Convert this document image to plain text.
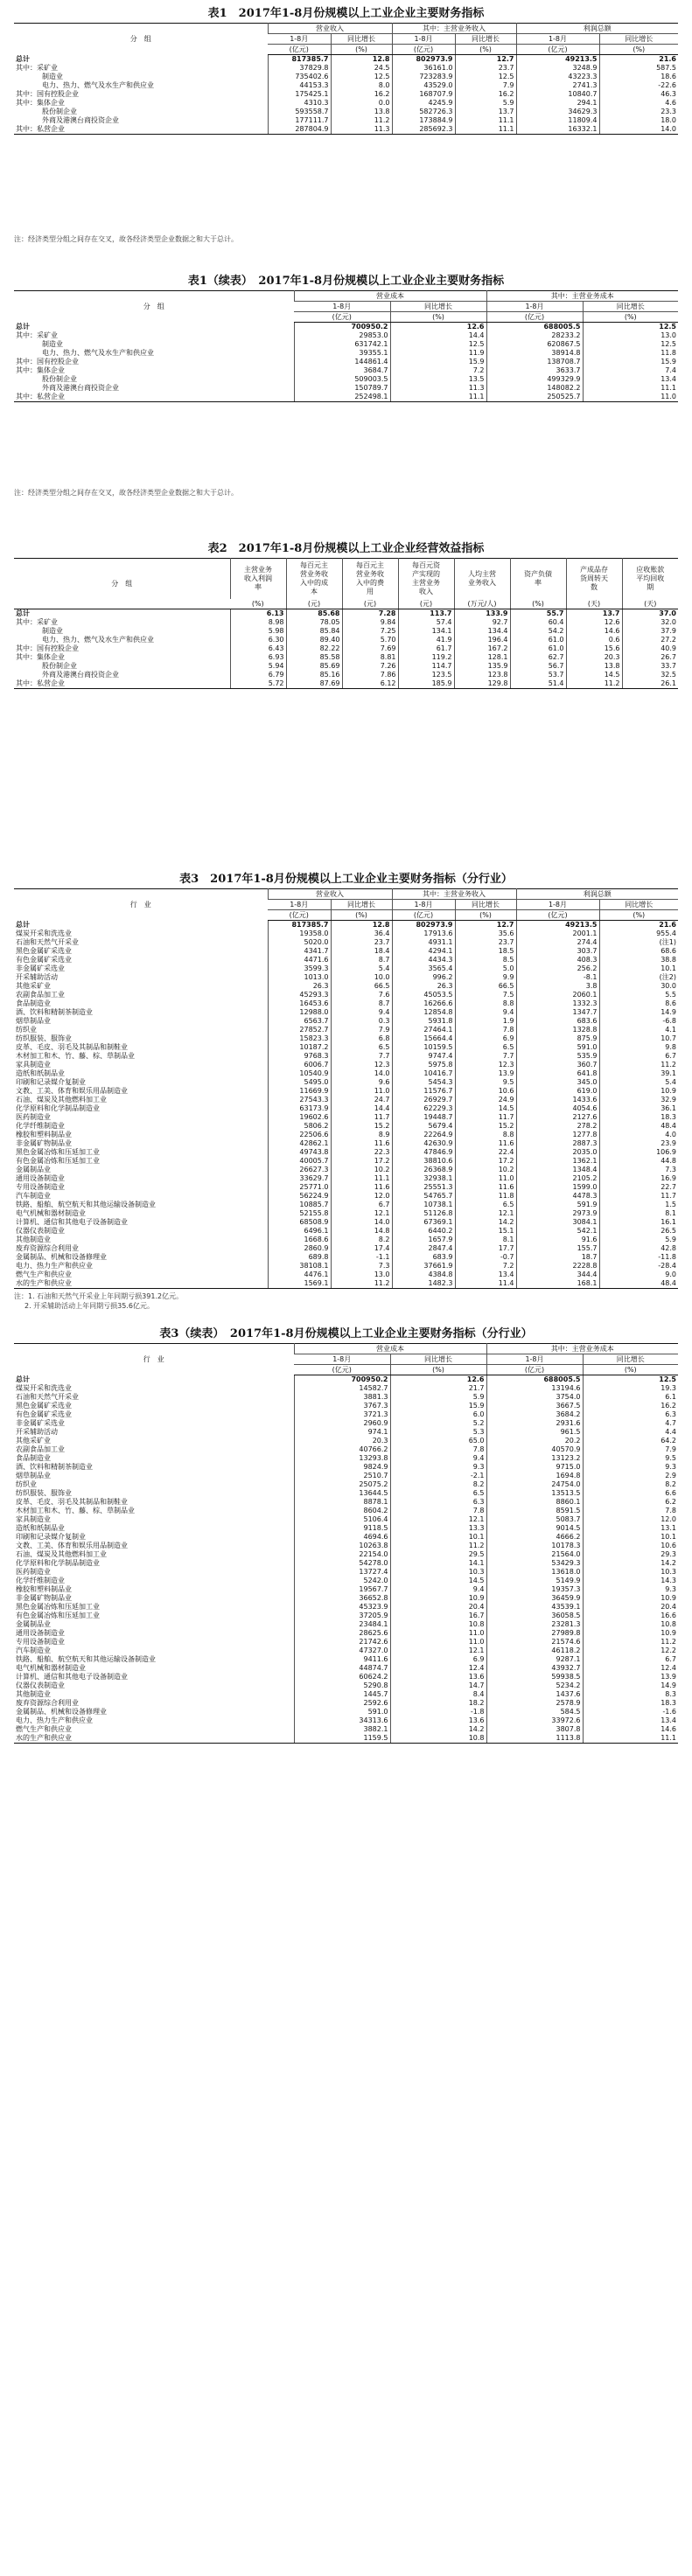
表1　2017年1-8月份规模以上工业企业主要财务指标
分　组	营业收入		其中：主营业务收入		利润总额	
	1-8月	同比增长	1-8月	同比增长	1-8月	同比增长
	(亿元)	(%)	(亿元)	(%)	(亿元)	(%)
总计	817385.7	12.8	802973.9	12.7	49213.5	21.6
其中：采矿业	37829.8	24.5	36161.0	23.7	3248.9	587.5
制造业	735402.6	12.5	723283.9	12.5	43223.3	18.6
电力、热力、燃气及水生产和供应业	44153.3	8.0	43529.0	7.9	2741.3	-22.6
其中：国有控股企业	175425.1	16.2	168707.9	16.2	10840.7	46.3
其中：集体企业	4310.3	0.0	4245.9	5.9	294.1	4.6
股份制企业	593558.7	13.8	582726.3	13.7	34629.3	23.3
外商及港澳台商投资企业	177111.7	11.2	173884.9	11.1	11809.4	18.0
其中：私营企业	287804.9	11.3	285692.3	11.1	16332.1	14.0
注：经济类型分组之间存在交叉，故各经济类型企业数据之和大于总计。
表1（续表）　2017年1-8月份规模以上工业企业主要财务指标
分　组	营业成本		其中：主营业务成本	
	1-8月	同比增长	1-8月	同比增长
	(亿元)	(%)	(亿元)	(%)
总计	700950.2	12.6	688005.5	12.5
其中：采矿业	29853.0	14.4	28233.2	13.0
制造业	631742.1	12.5	620867.5	12.5
电力、热力、燃气及水生产和供应业	39355.1	11.9	38914.8	11.8
其中：国有控股企业	144861.4	15.9	138708.7	15.9
其中：集体企业	3684.7	7.2	3633.7	7.4
股份制企业	509003.5	13.5	499329.9	13.4
外商及港澳台商投资企业	150789.7	11.3	148082.2	11.1
其中：私营企业	252498.1	11.1	250525.7	11.0
注：经济类型分组之间存在交叉，故各经济类型企业数据之和大于总计。
表2　2017年1-8月份规模以上工业企业经营效益指标
分　组	主营业务收入利润率	每百元主营业务收入中的成本	每百元主营业务收入中的费用	每百元资产实现的主营业务收入	人均主营业务收入	资产负债率	产成品存货周转天数	应收账款平均回收期
	(%)	(元)	(元)	(元)	(万元/人)	(%)	(天)	(天)
总计	6.13	85.68	7.28	113.7	133.9	55.7	13.7	37.0
其中：采矿业	8.98	78.05	9.84	57.4	92.7	60.4	12.6	32.0
制造业	5.98	85.84	7.25	134.1	134.4	54.2	14.6	37.9
电力、热力、燃气及水生产和供应业	6.30	89.40	5.70	41.9	196.4	61.0	0.6	27.2
其中：国有控股企业	6.43	82.22	7.69	61.7	167.2	61.0	15.6	40.9
其中：集体企业	6.93	85.58	8.81	119.2	128.1	62.7	20.3	26.7
股份制企业	5.94	85.69	7.26	114.7	135.9	56.7	13.8	33.7
外商及港澳台商投资企业	6.79	85.16	7.86	123.5	123.8	53.7	14.5	32.5
其中：私营企业	5.72	87.69	6.12	185.9	129.8	51.4	11.2	26.1
表3　2017年1-8月份规模以上工业企业主要财务指标（分行业）
行　业	营业收入		其中：主营业务收入		利润总额	
	1-8月	同比增长	1-8月	同比增长	1-8月	同比增长
	(亿元)	(%)	(亿元)	(%)	(亿元)	(%)
总计	817385.7	12.8	802973.9	12.7	49213.5	21.6
煤炭开采和洗选业	19358.0	36.4	17913.6	35.6	2001.1	955.4
石油和天然气开采业	5020.0	23.7	4931.1	23.7	274.4	(注1)
黑色金属矿采选业	4341.7	18.4	4294.1	18.5	303.7	68.6
有色金属矿采选业	4471.6	8.7	4434.3	8.5	408.3	38.8
非金属矿采选业	3599.3	5.4	3565.4	5.0	256.2	10.1
开采辅助活动	1013.0	10.0	996.2	9.9	-8.1	(注2)
其他采矿业	26.3	66.5	26.3	66.5	3.8	30.0
农副食品加工业	45293.3	7.6	45053.5	7.5	2060.1	5.5
食品制造业	16453.6	8.7	16266.6	8.8	1332.3	8.6
酒、饮料和精制茶制造业	12988.0	9.4	12854.8	9.4	1347.7	14.9
烟草制品业	6563.7	0.3	5931.8	1.9	683.6	-6.8
纺织业	27852.7	7.9	27464.1	7.8	1328.8	4.1
纺织服装、服饰业	15823.3	6.8	15664.4	6.9	875.9	10.7
皮革、毛皮、羽毛及其制品和制鞋业	10187.2	6.5	10159.5	6.5	591.0	9.8
木材加工和木、竹、藤、棕、草制品业	9768.3	7.7	9747.4	7.7	535.9	6.7
家具制造业	6006.7	12.3	5975.8	12.3	360.7	11.2
造纸和纸制品业	10540.9	14.0	10416.7	13.9	641.8	39.1
印刷和记录媒介复制业	5495.0	9.6	5454.3	9.5	345.0	5.4
文教、工美、体育和娱乐用品制造业	11669.9	11.0	11576.7	10.6	619.0	10.9
石油、煤炭及其他燃料加工业	27543.3	24.7	26929.7	24.9	1433.6	32.9
化学原料和化学制品制造业	63173.9	14.4	62229.3	14.5	4054.6	36.1
医药制造业	19602.6	11.7	19448.7	11.7	2127.6	18.3
化学纤维制造业	5806.2	15.2	5679.4	15.2	278.2	48.4
橡胶和塑料制品业	22506.6	8.9	22264.9	8.8	1277.8	4.0
非金属矿物制品业	42862.1	11.6	42630.9	11.6	2887.3	23.9
黑色金属冶炼和压延加工业	49743.8	22.3	47846.9	22.4	2035.0	106.9
有色金属冶炼和压延加工业	40005.7	17.2	38810.6	17.2	1362.1	44.8
金属制品业	26627.3	10.2	26368.9	10.2	1348.4	7.3
通用设备制造业	33629.7	11.1	32938.1	11.0	2105.2	16.9
专用设备制造业	25771.0	11.6	25551.3	11.6	1599.0	22.7
汽车制造业	56224.9	12.0	54765.7	11.8	4478.3	11.7
铁路、船舶、航空航天和其他运输设备制造业	10885.7	6.7	10738.1	6.5	591.9	1.5
电气机械和器材制造业	52155.8	12.1	51126.8	12.1	2973.9	8.1
计算机、通信和其他电子设备制造业	68508.9	14.0	67369.1	14.2	3084.1	16.1
仪器仪表制造业	6496.1	14.8	6440.2	15.1	542.1	26.5
其他制造业	1668.6	8.2	1657.9	8.1	91.6	5.9
废弃资源综合利用业	2860.9	17.4	2847.4	17.7	155.7	42.8
金属制品、机械和设备修理业	689.8	-1.1	683.9	-0.7	18.7	-11.8
电力、热力生产和供应业	38108.1	7.3	37661.9	7.2	2228.8	-28.4
燃气生产和供应业	4476.1	13.0	4384.8	13.4	344.4	9.0
水的生产和供应业	1569.1	11.2	1482.3	11.4	168.1	48.4
注：1. 石油和天然气开采业上年同期亏损391.2亿元。
2. 开采辅助活动上年同期亏损35.6亿元。
表3（续表）　2017年1-8月份规模以上工业企业主要财务指标（分行业）
行　业	营业成本		其中：主营业务成本	
	1-8月	同比增长	1-8月	同比增长
	(亿元)	(%)	(亿元)	(%)
总计	700950.2	12.6	688005.5	12.5
煤炭开采和洗选业	14582.7	21.7	13194.6	19.3
石油和天然气开采业	3881.3	5.9	3754.0	6.1
黑色金属矿采选业	3767.3	15.9	3667.5	16.2
有色金属矿采选业	3721.3	6.0	3684.2	6.3
非金属矿采选业	2960.9	5.2	2931.6	4.7
开采辅助活动	974.1	5.3	961.5	4.4
其他采矿业	20.3	65.0	20.2	64.2
农副食品加工业	40766.2	7.8	40570.9	7.9
食品制造业	13293.8	9.4	13123.2	9.5
酒、饮料和精制茶制造业	9824.9	9.3	9715.0	9.3
烟草制品业	2510.7	-2.1	1694.8	2.9
纺织业	25075.2	8.2	24754.0	8.2
纺织服装、服饰业	13644.5	6.5	13513.5	6.6
皮革、毛皮、羽毛及其制品和制鞋业	8878.1	6.3	8860.1	6.2
木材加工和木、竹、藤、棕、草制品业	8604.2	7.8	8591.5	7.8
家具制造业	5106.4	12.1	5083.7	12.0
造纸和纸制品业	9118.5	13.3	9014.5	13.1
印刷和记录媒介复制业	4694.6	10.1	4666.2	10.1
文教、工美、体育和娱乐用品制造业	10263.8	11.2	10178.3	10.6
石油、煤炭及其他燃料加工业	22154.0	29.5	21564.0	29.3
化学原料和化学制品制造业	54278.0	14.1	53429.3	14.2
医药制造业	13727.4	10.3	13618.0	10.3
化学纤维制造业	5242.0	14.5	5149.9	14.3
橡胶和塑料制品业	19567.7	9.4	19357.3	9.3
非金属矿物制品业	36652.8	10.9	36459.9	10.9
黑色金属冶炼和压延加工业	45323.9	20.4	43539.1	20.4
有色金属冶炼和压延加工业	37205.9	16.7	36058.5	16.6
金属制品业	23484.1	10.8	23281.3	10.8
通用设备制造业	28625.6	11.0	27989.8	10.9
专用设备制造业	21742.6	11.0	21574.6	11.2
汽车制造业	47327.0	12.1	46118.2	12.2
铁路、船舶、航空航天和其他运输设备制造业	9411.6	6.9	9287.1	6.7
电气机械和器材制造业	44874.7	12.4	43932.7	12.4
计算机、通信和其他电子设备制造业	60624.2	13.6	59938.5	13.9
仪器仪表制造业	5290.8	14.7	5234.2	14.9
其他制造业	1445.7	8.4	1437.6	8.3
废弃资源综合利用业	2592.6	18.2	2578.9	18.3
金属制品、机械和设备修理业	591.0	-1.8	584.5	-1.6
电力、热力生产和供应业	34313.6	13.6	33972.6	13.4
燃气生产和供应业	3882.1	14.2	3807.8	14.6
水的生产和供应业	1159.5	10.8	1113.8	11.1
